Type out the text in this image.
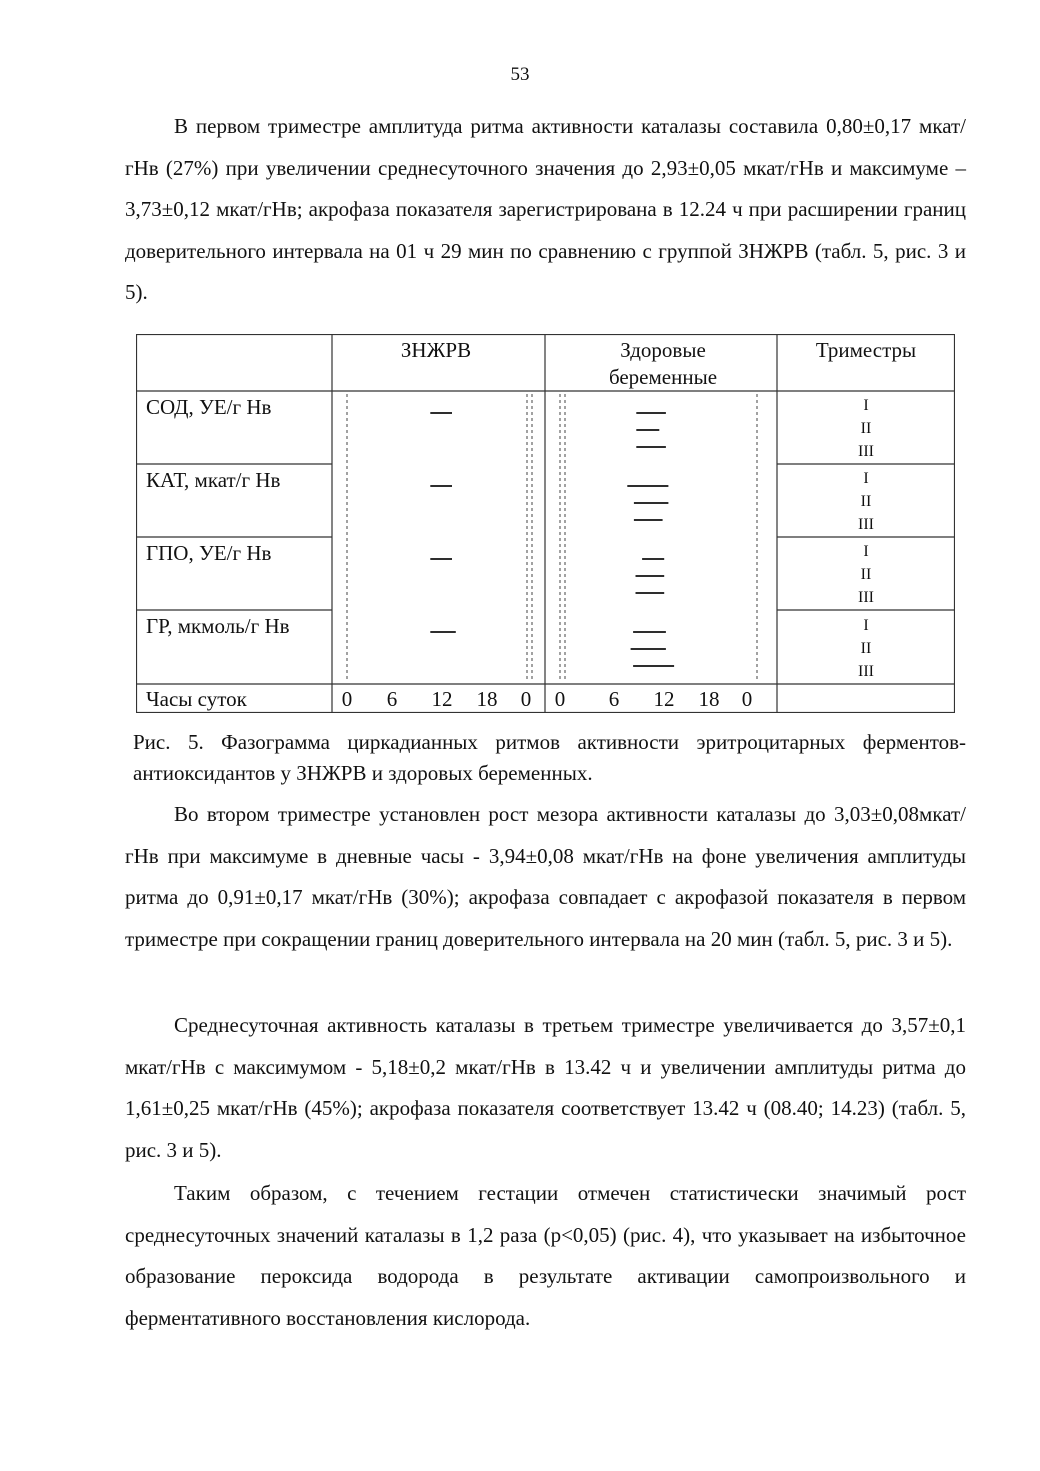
53

В первом триместре амплитуда ритма активности каталазы составила 0,80±0,17 мкат/гНв (27%) при увеличении среднесуточного значения до 2,93±0,05 мкат/гНв и максимуме – 3,73±0,12 мкат/гНв; акрофаза показателя зарегистрирована в 12.24 ч при расширении границ доверительного интервала на 01 ч 29 мин по сравнению с группой ЗНЖРВ (табл. 5, рис. 3 и 5).

ЗНЖРВ	Здоровые
беременные
Триместры
СОД, УЕ/г Нв
КАТ, мкат/г Нв
ГПО, УЕ/г Нв
ГР, мкмоль/г Нв
I
II
III
I
II
III
I
II
III
I
II
III
Часы суток	0 6 12 18 0 0 6 12 18 0

Рис. 5. Фазограмма циркадианных ритмов активности эритроцитарных ферментов-антиоксидантов у ЗНЖРВ и здоровых беременных.

Во втором триместре установлен рост мезора активности каталазы до 3,03±0,08мкат/гНв при максимуме в дневные часы - 3,94±0,08 мкат/гНв на фоне увеличения амплитуды ритма до 0,91±0,17 мкат/гНв (30%); акрофаза совпадает с акрофазой показателя в первом триместре при сокращении границ доверительного интервала на 20 мин (табл. 5, рис. 3 и 5).

Среднесуточная активность каталазы в третьем триместре увеличивается до 3,57±0,1 мкат/гНв с максимумом - 5,18±0,2 мкат/гНв в 13.42 ч и увеличении амплитуды ритма до 1,61±0,25 мкат/гНв (45%); акрофаза показателя соответствует 13.42 ч (08.40; 14.23) (табл. 5, рис. 3 и 5).

Таким образом, с течением гестации отмечен статистически значимый рост среднесуточных значений каталазы в 1,2 раза (p<0,05) (рис. 4), что указывает на избыточное образование пероксида водорода в результате активации самопроизвольного и ферментативного восстановления кислорода.
